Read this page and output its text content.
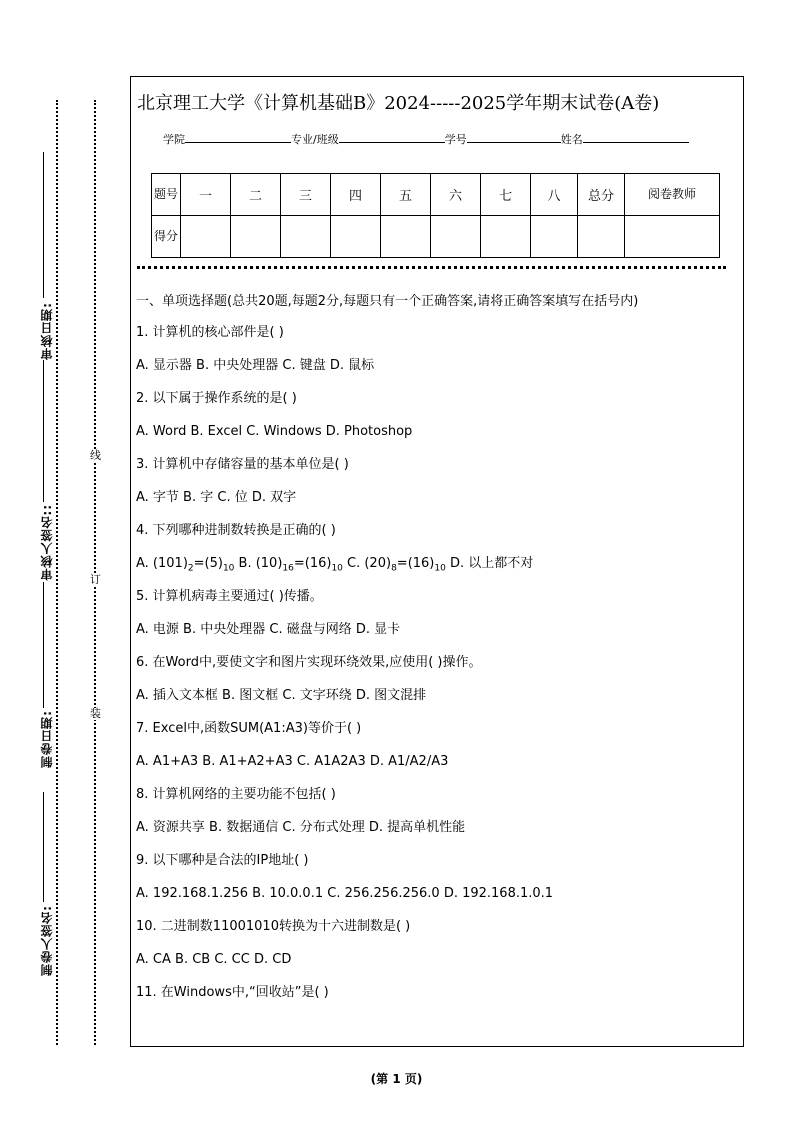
审核日期:
审核人签名::
制卷日期:
制卷人签名:
线
订
装
北京理工大学《计算机基础B》2024-----2025学年期末试卷(A卷)
学院	专业/班级	学号	姓名
题号	一	二	三	四	五	六	七	八	总分	阅卷教师
得分										
一、单项选择题(总共20题,每题2分,每题只有一个正确答案,请将正确答案填写在括号内)
1. 计算机的核心部件是( )
A. 显示器 B. 中央处理器 C. 键盘 D. 鼠标
2. 以下属于操作系统的是( )
A. Word B. Excel C. Windows D. Photoshop
3. 计算机中存储容量的基本单位是( )
A. 字节 B. 字 C. 位 D. 双字
4. 下列哪种进制数转换是正确的( )
A. $(101)_2=(5)_{10}$ B. $(10)_{16}=(16)_{10}$ C. $(20)_8=(16)_{10}$ D. 以上都不对
5. 计算机病毒主要通过( )传播。
A. 电源 B. 中央处理器 C. 磁盘与网络 D. 显卡
6. 在Word中,要使文字和图片实现环绕效果,应使用( )操作。
A. 插入文本框 B. 图文框 C. 文字环绕 D. 图文混排
7. Excel中,函数SUM(A1:A3)等价于( )
A. A1+A3 B. A1+A2+A3 C. A1A2A3 D. A1/A2/A3
8. 计算机网络的主要功能不包括( )
A. 资源共享 B. 数据通信 C. 分布式处理 D. 提高单机性能
9. 以下哪种是合法的IP地址( )
A. 192.168.1.256 B. 10.0.0.1 C. 256.256.256.0 D. 192.168.1.0.1
10. 二进制数11001010转换为十六进制数是( )
A. CA B. CB C. CC D. CD
11. 在Windows中,“回收站”是( )
(第 1 页)
